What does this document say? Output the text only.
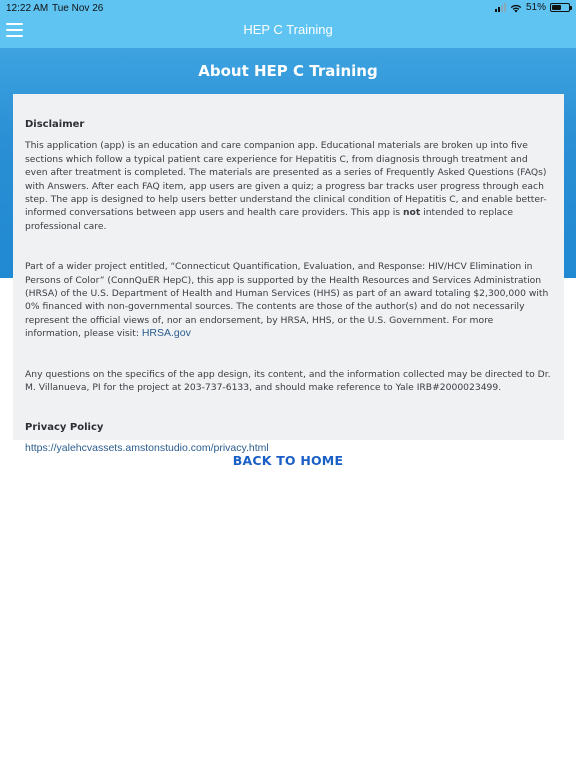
12:22 AM Tue Nov 26	51%
HEP C Training
About HEP C Training
Disclaimer

This application (app) is an education and care companion app. Educational materials are broken up into five sections which follow a typical patient care experience for Hepatitis C, from diagnosis through treatment and even after treatment is completed. The materials are presented as a series of Frequently Asked Questions (FAQs) with Answers. After each FAQ item, app users are given a quiz; a progress bar tracks user progress through each step. The app is designed to help users better understand the clinical condition of Hepatitis C, and enable better-informed conversations between app users and health care providers. This app is not intended to replace professional care.

Part of a wider project entitled, “Connecticut Quantification, Evaluation, and Response: HIV/HCV Elimination in Persons of Color” (ConnQuER HepC), this app is supported by the Health Resources and Services Administration (HRSA) of the U.S. Department of Health and Human Services (HHS) as part of an award totaling $2,300,000 with 0% financed with non-governmental sources. The contents are those of the author(s) and do not necessarily represent the official views of, nor an endorsement, by HRSA, HHS, or the U.S. Government. For more information, please visit: HRSA.gov

Any questions on the specifics of the app design, its content, and the information collected may be directed to Dr. M. Villanueva, PI for the project at 203-737-6133, and should make reference to Yale IRB#2000023499.

Privacy Policy
https://yalehcvassets.amstonstudio.com/privacy.html
BACK TO HOME
